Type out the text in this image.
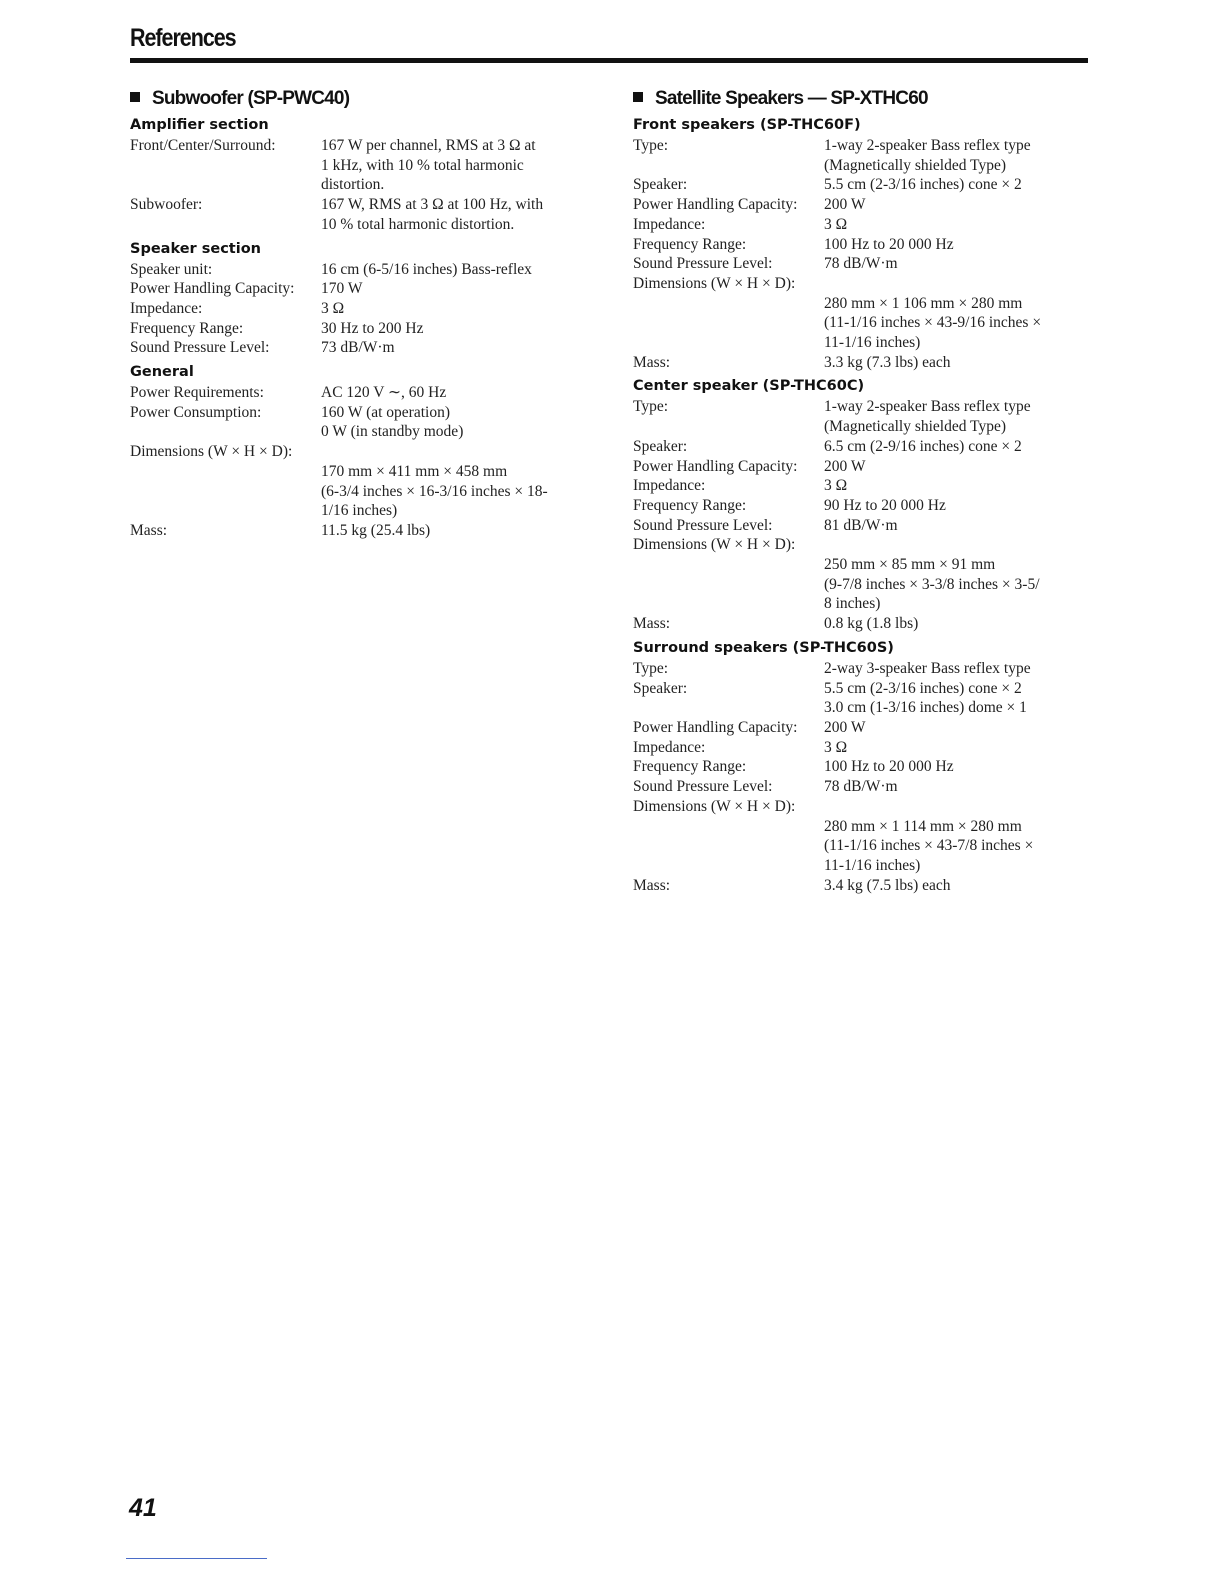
References
Subwoofer (SP-PWC40)
Amplifier section
Front/Center/Surround:	167 W per channel, RMS at 3 Ω at
1 kHz, with 10 % total harmonic
distortion.
Subwoofer:	167 W, RMS at 3 Ω at 100 Hz, with
10 % total harmonic distortion.
Speaker section
Speaker unit:	16 cm (6-5/16 inches) Bass-reflex
Power Handling Capacity:	170 W
Impedance:	3 Ω
Frequency Range:	30 Hz to 200 Hz
Sound Pressure Level:	73 dB/W·m
General
Power Requirements:	AC 120 V ∼, 60 Hz
Power Consumption:	160 W (at operation)
0 W (in standby mode)
Dimensions (W × H × D):
170 mm × 411 mm × 458 mm
(6-3/4 inches × 16-3/16 inches × 18-
1/16 inches)
Mass:	11.5 kg (25.4 lbs)
Satellite Speakers — SP-XTHC60
Front speakers (SP-THC60F)
Type:	1-way 2-speaker Bass reflex type
(Magnetically shielded Type)
Speaker:	5.5 cm (2-3/16 inches) cone × 2
Power Handling Capacity:	200 W
Impedance:	3 Ω
Frequency Range:	100 Hz to 20 000 Hz
Sound Pressure Level:	78 dB/W·m
Dimensions (W × H × D):
280 mm × 1 106 mm × 280 mm
(11-1/16 inches × 43-9/16 inches ×
11-1/16 inches)
Mass:	3.3 kg (7.3 lbs) each
Center speaker (SP-THC60C)
Type:	1-way 2-speaker Bass reflex type
(Magnetically shielded Type)
Speaker:	6.5 cm (2-9/16 inches) cone × 2
Power Handling Capacity:	200 W
Impedance:	3 Ω
Frequency Range:	90 Hz to 20 000 Hz
Sound Pressure Level:	81 dB/W·m
Dimensions (W × H × D):
250 mm × 85 mm × 91 mm
(9-7/8 inches × 3-3/8 inches × 3-5/
8 inches)
Mass:	0.8 kg (1.8 lbs)
Surround speakers (SP-THC60S)
Type:	2-way 3-speaker Bass reflex type
Speaker:	5.5 cm (2-3/16 inches) cone × 2
3.0 cm (1-3/16 inches) dome × 1
Power Handling Capacity:	200 W
Impedance:	3 Ω
Frequency Range:	100 Hz to 20 000 Hz
Sound Pressure Level:	78 dB/W·m
Dimensions (W × H × D):
280 mm × 1 114 mm × 280 mm
(11-1/16 inches × 43-7/8 inches ×
11-1/16 inches)
Mass:	3.4 kg (7.5 lbs) each
41
